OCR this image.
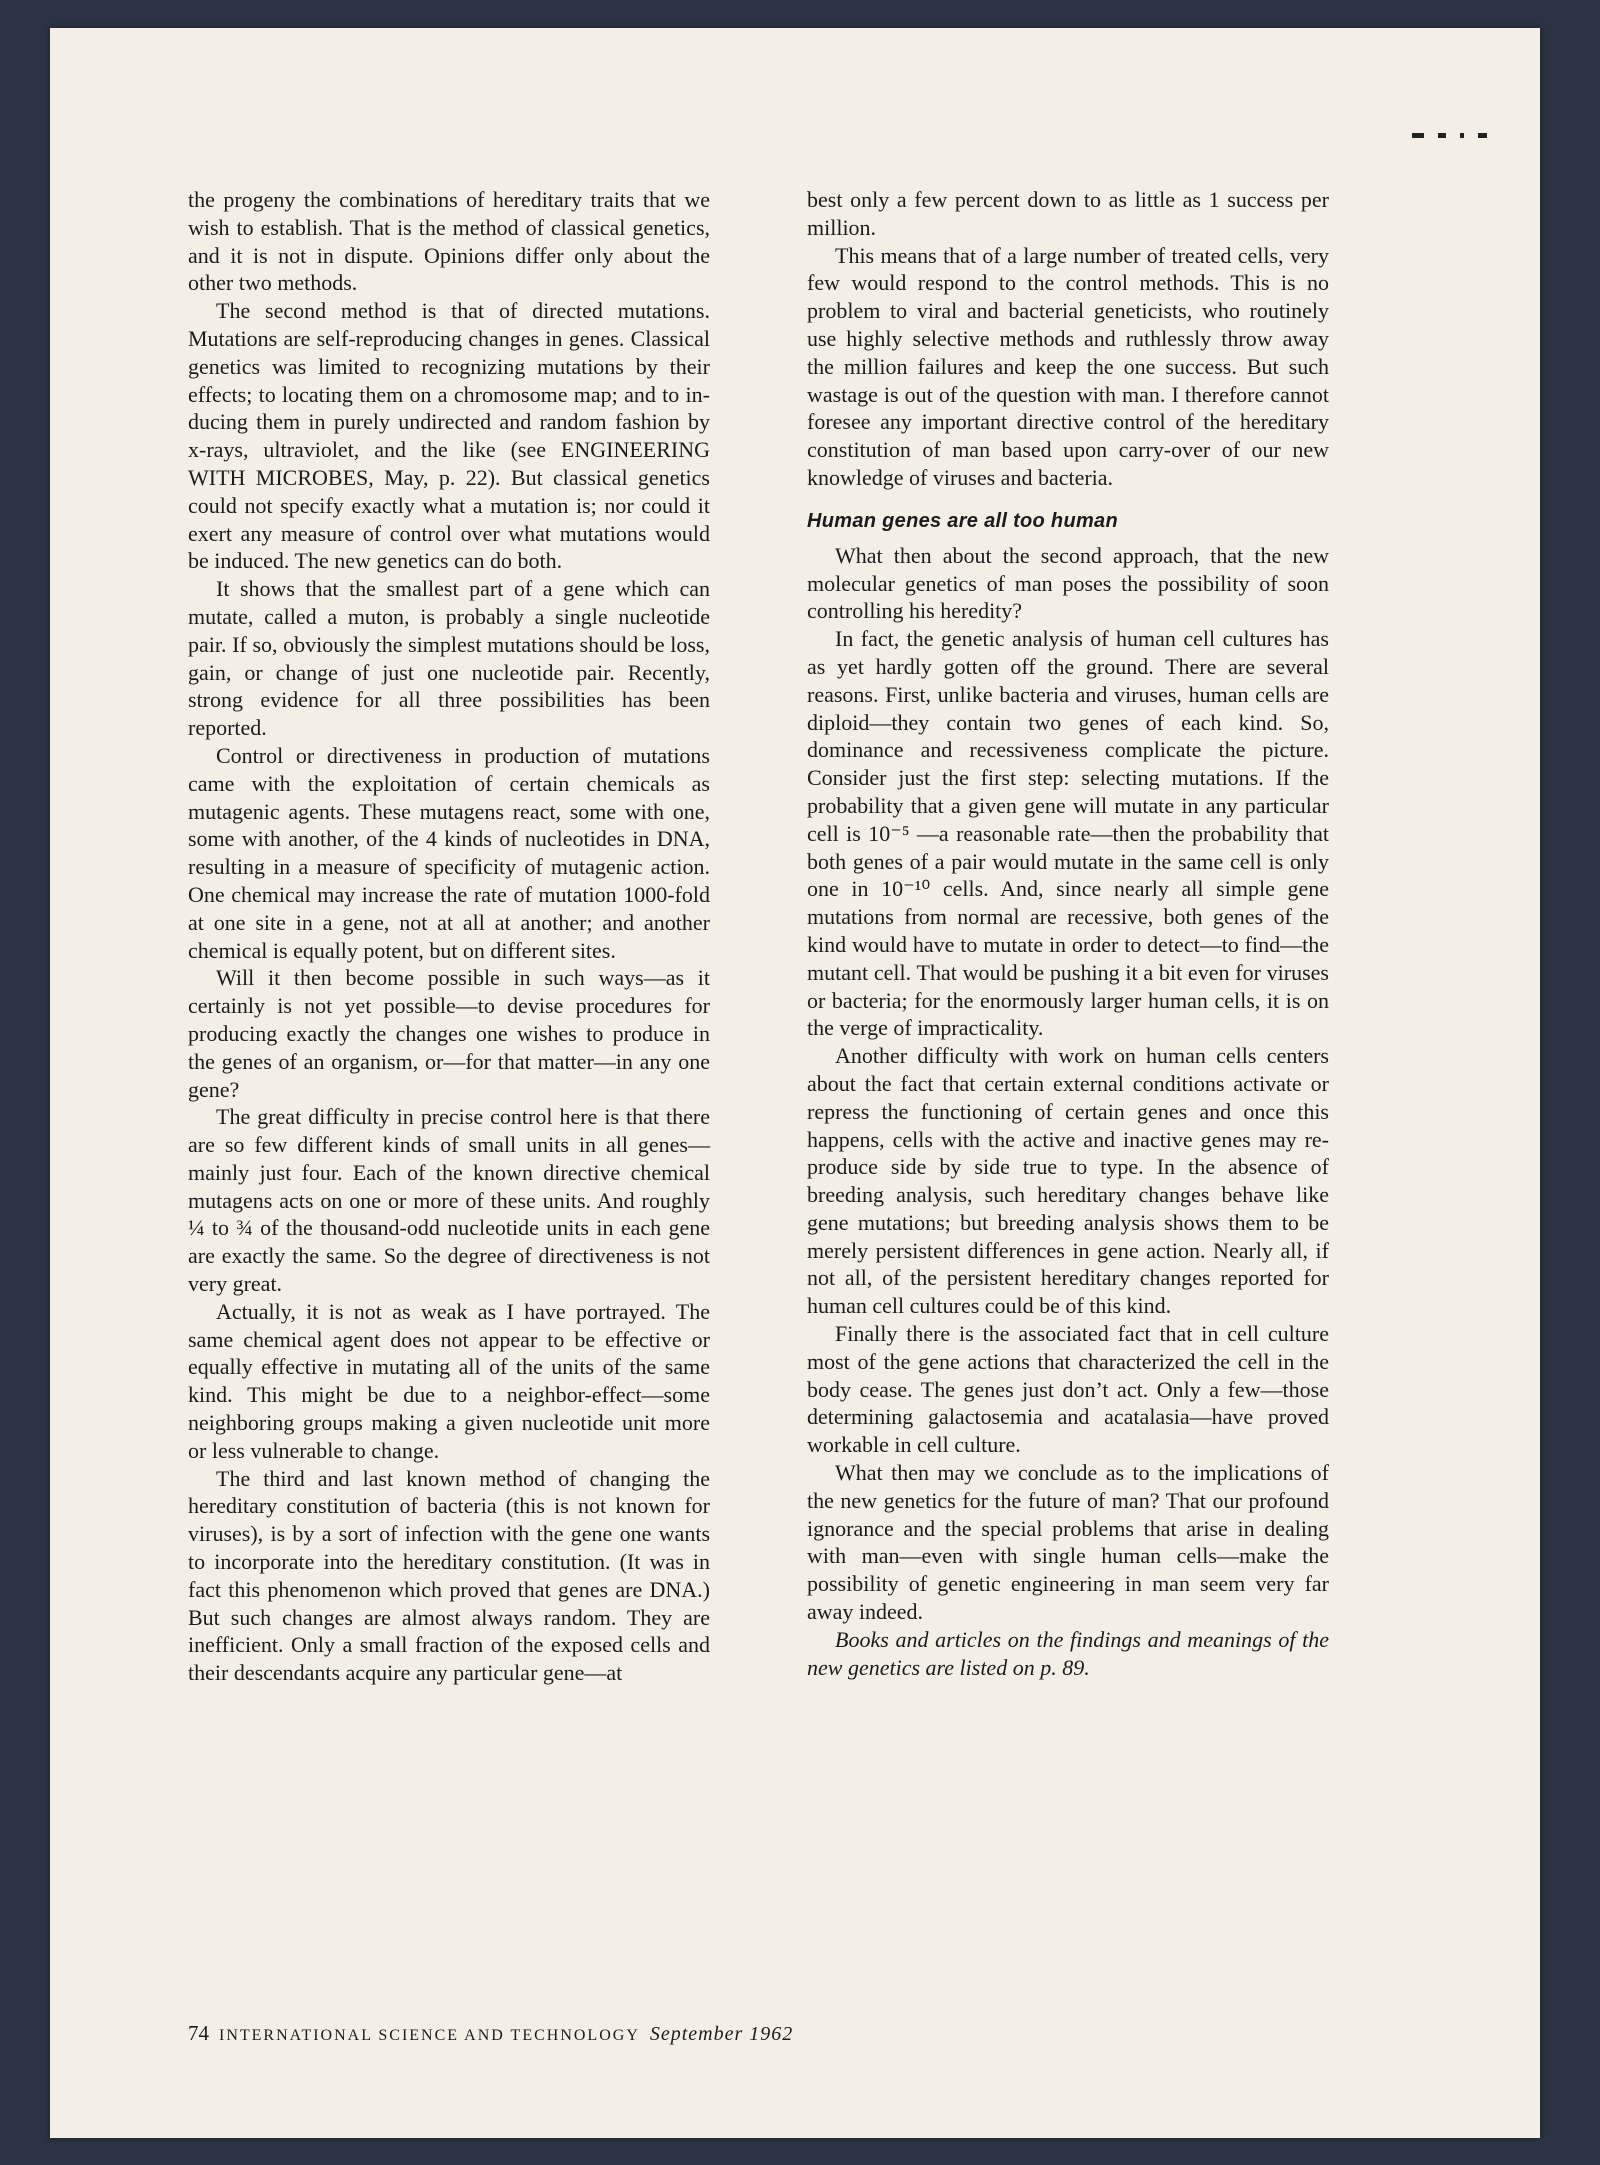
the progeny the combinations of hereditary traits that we wish to establish. That is the method of classical genetics, and it is not in dispute. Opinions differ only about the other two methods.

The second method is that of directed mutations. Mutations are self-reproducing changes in genes. Classical genetics was limited to recognizing mutations by their effects; to locating them on a chromosome map; and to inducing them in purely undirected and random fashion by x-rays, ultraviolet, and the like (see ENGINEERING WITH MICROBES, May, p. 22). But classical genetics could not specify exactly what a mutation is; nor could it exert any measure of control over what mutations would be induced. The new genetics can do both.

It shows that the smallest part of a gene which can mutate, called a muton, is probably a single nucleotide pair. If so, obviously the simplest mutations should be loss, gain, or change of just one nucleotide pair. Recently, strong evidence for all three possibilities has been reported.

Control or directiveness in production of mutations came with the exploitation of certain chemicals as mutagenic agents. These mutagens react, some with one, some with another, of the 4 kinds of nucleotides in DNA, resulting in a measure of specificity of mutagenic action. One chemical may increase the rate of mutation 1000-fold at one site in a gene, not at all at another; and another chemical is equally potent, but on different sites.

Will it then become possible in such ways—as it certainly is not yet possible—to devise procedures for producing exactly the changes one wishes to produce in the genes of an organism, or—for that matter—in any one gene?

The great difficulty in precise control here is that there are so few different kinds of small units in all genes—mainly just four. Each of the known directive chemical mutagens acts on one or more of these units. And roughly ¼ to ¾ of the thousand-odd nucleotide units in each gene are exactly the same. So the degree of directiveness is not very great.

Actually, it is not as weak as I have portrayed. The same chemical agent does not appear to be effective or equally effective in mutating all of the units of the same kind. This might be due to a neighbor-effect—some neighboring groups making a given nucleotide unit more or less vulnerable to change.

The third and last known method of changing the hereditary constitution of bacteria (this is not known for viruses), is by a sort of infection with the gene one wants to incorporate into the hereditary constitution. (It was in fact this phenomenon which proved that genes are DNA.) But such changes are almost always random. They are inefficient. Only a small fraction of the exposed cells and their descendants acquire any particular gene—at

best only a few percent down to as little as 1 success per million.

This means that of a large number of treated cells, very few would respond to the control methods. This is no problem to viral and bacterial geneticists, who routinely use highly selective methods and ruthlessly throw away the million failures and keep the one success. But such wastage is out of the question with man. I therefore cannot foresee any important directive control of the hereditary constitution of man based upon carry-over of our new knowledge of viruses and bacteria.

Human genes are all too human

What then about the second approach, that the new molecular genetics of man poses the possibility of soon controlling his heredity?

In fact, the genetic analysis of human cell cultures has as yet hardly gotten off the ground. There are several reasons. First, unlike bacteria and viruses, human cells are diploid—they contain two genes of each kind. So, dominance and recessiveness complicate the picture. Consider just the first step: selecting mutations. If the probability that a given gene will mutate in any particular cell is 10⁻⁵ —a reasonable rate—then the probability that both genes of a pair would mutate in the same cell is only one in 10⁻¹⁰ cells. And, since nearly all simple gene mutations from normal are recessive, both genes of the kind would have to mutate in order to detect—to find—the mutant cell. That would be pushing it a bit even for viruses or bacteria; for the enormously larger human cells, it is on the verge of impracticality.

Another difficulty with work on human cells centers about the fact that certain external conditions activate or repress the functioning of certain genes and once this happens, cells with the active and inactive genes may reproduce side by side true to type. In the absence of breeding analysis, such hereditary changes behave like gene mutations; but breeding analysis shows them to be merely persistent differences in gene action. Nearly all, if not all, of the persistent hereditary changes reported for human cell cultures could be of this kind.

Finally there is the associated fact that in cell culture most of the gene actions that characterized the cell in the body cease. The genes just don’t act. Only a few—those determining galactosemia and acatalasia—have proved workable in cell culture.

What then may we conclude as to the implications of the new genetics for the future of man? That our profound ignorance and the special problems that arise in dealing with man—even with single human cells—make the possibility of genetic engineering in man seem very far away indeed.

Books and articles on the findings and meanings of the new genetics are listed on p. 89.

74 INTERNATIONAL SCIENCE AND TECHNOLOGY September 1962
